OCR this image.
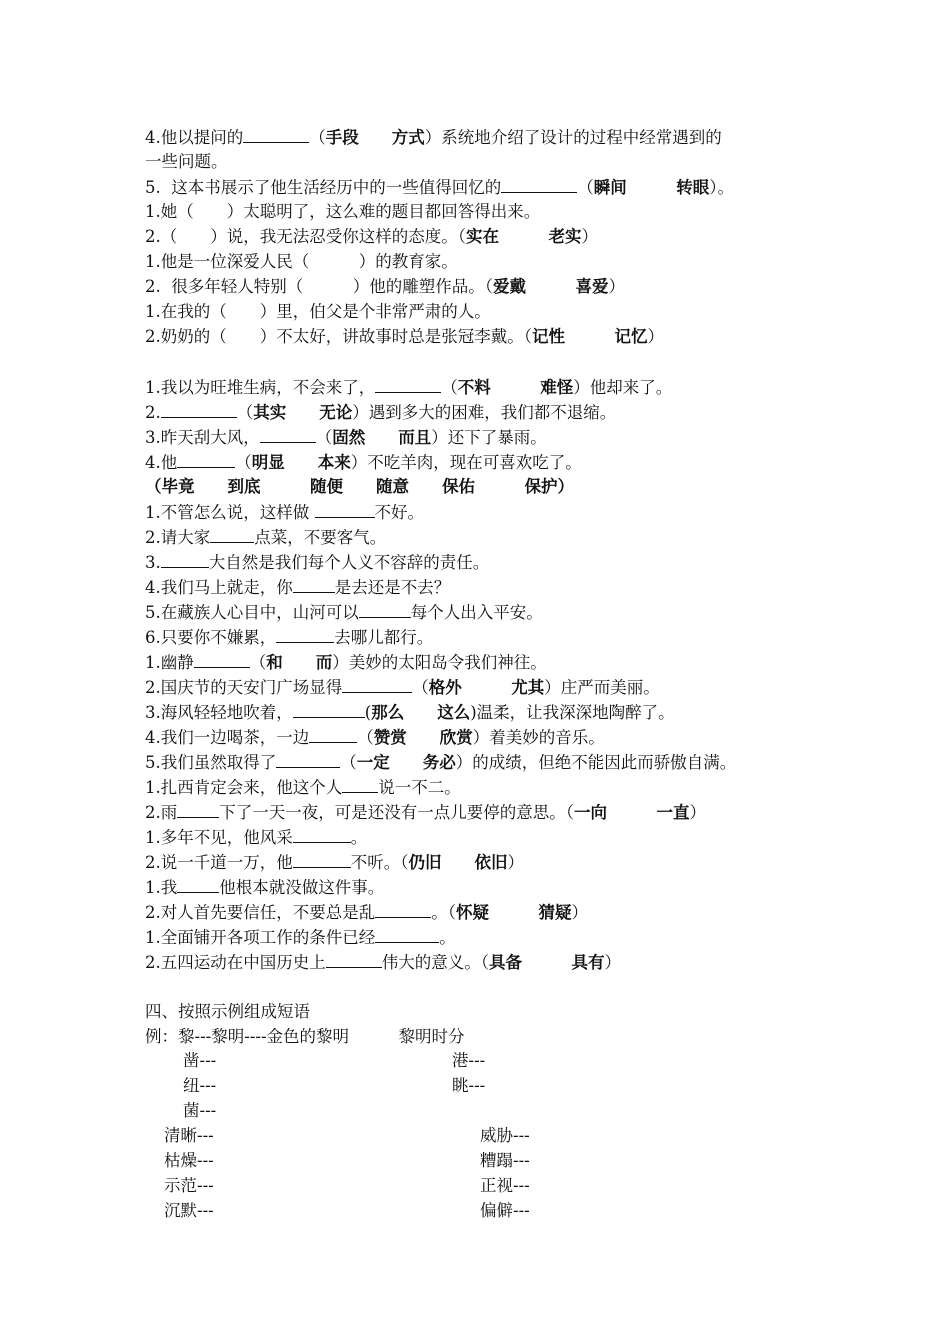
4.他以提问的	（手段　　方式）系统地介绍了设计的过程中经常遇到的
一些问题。
5.  这本书展示了他生活经历中的一些值得回忆的	（瞬间　　　转眼）。
1.她（　　）太聪明了，这么难的题目都回答得出来。
2.（　　）说，我无法忍受你这样的态度。（实在　　　老实）
1.他是一位深爱人民（　　　）的教育家。
2.  很多年轻人特别（　　　）他的雕塑作品。（爱戴　　　喜爱）
1.在我的（　　）里，伯父是个非常严肃的人。
2.奶奶的（　　）不太好，讲故事时总是张冠李戴。（记性　　　记忆）
1.我以为旺堆生病，不会来了，	（不料　　　难怪）他却来了。
2.	（其实　　无论）遇到多大的困难，我们都不退缩。
3.昨天刮大风，	（固然　　而且）还下了暴雨。
4.他	（明显　　本来）不吃羊肉，现在可喜欢吃了。
（毕竟　　到底　　　随便　　随意　　保佑　　　保护）
1.不管怎么说，这样做	不好。
2.请大家	点菜，不要客气。
3.	大自然是我们每个人义不容辞的责任。
4.我们马上就走，你	是去还是不去？
5.在藏族人心目中，山河可以	每个人出入平安。
6.只要你不嫌累，	去哪儿都行。
1.幽静	（和　　而）美妙的太阳岛令我们神往。
2.国庆节的天安门广场显得	（格外　　　尤其）庄严而美丽。
3.海风轻轻地吹着，	(那么　　这么)温柔，让我深深地陶醉了。
4.我们一边喝茶，一边	（赞赏　　欣赏）着美妙的音乐。
5.我们虽然取得了	（一定　　务必）的成绩，但绝不能因此而骄傲自满。
1.扎西肯定会来，他这个人 说一不二。
2.雨	下了一天一夜，可是还没有一点儿要停的意思。（一向　　　一直）
1.多年不见，他风采	。
2.说一千道一万，他	不听。（仍旧　　依旧）
1.我	他根本就没做这件事。
2.对人首先要信任，不要总是乱	。（怀疑　　　猜疑）
1.全面铺开各项工作的条件已经	。
2.五四运动在中国历史上	伟大的意义。（具备　　　具有）
四、按照示例组成短语
例：黎---黎明----金色的黎明　　　黎明时分
凿---	港---
纽---	眺---
菌---
清晰---	威胁---
枯燥---	糟蹋---
示范---	正视---
沉默---	偏僻---
